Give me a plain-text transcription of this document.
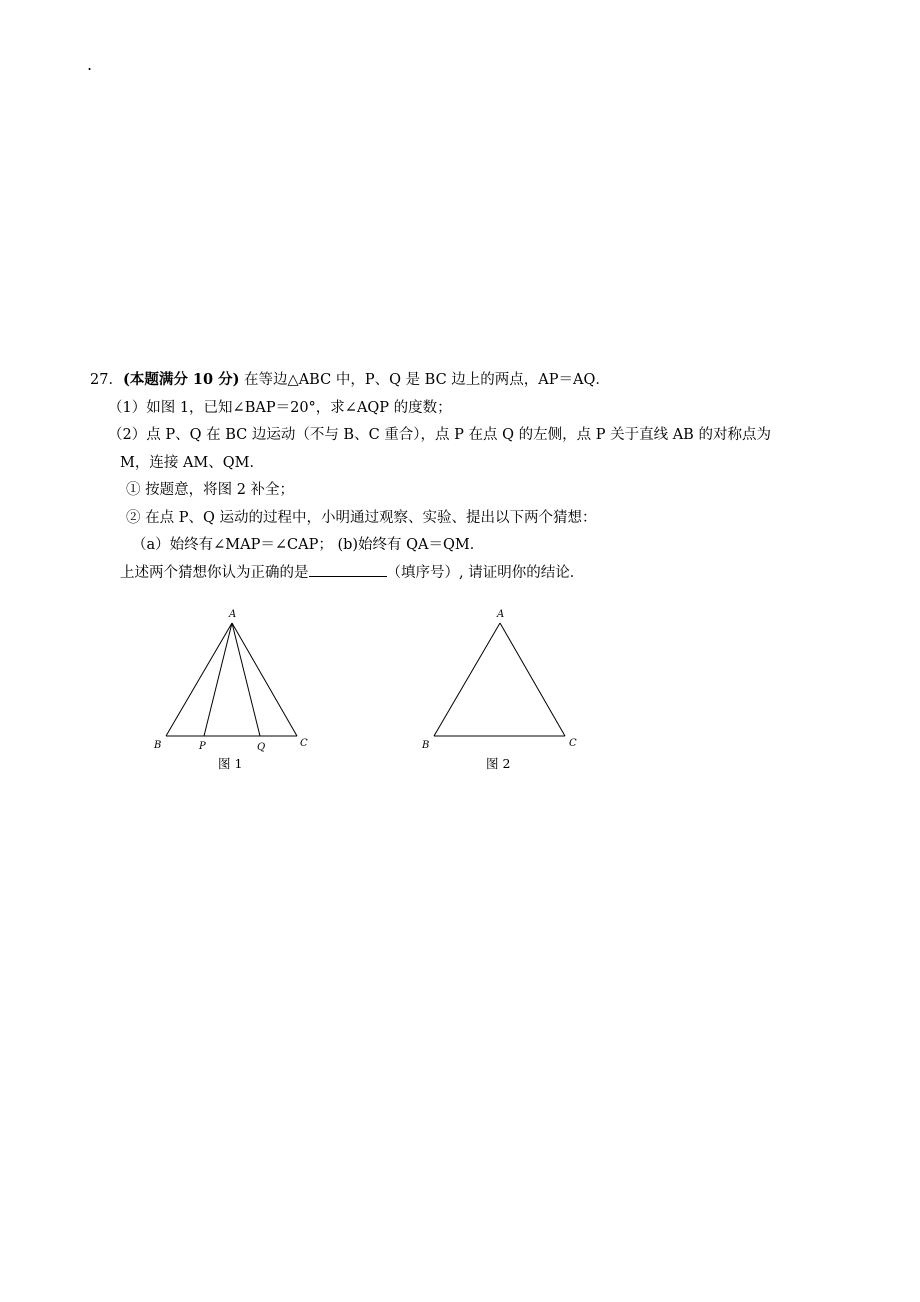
.
27．(本题满分 10 分) 在等边△ABC 中，P、Q 是 BC 边上的两点，AP＝AQ．
（1）如图 1，已知∠BAP＝20°，求∠AQP 的度数；
（2）点 P、Q 在 BC 边运动（不与 B、C 重合），点 P 在点 Q 的左侧，点 P 关于直线 AB 的对称点为
M，连接 AM、QM．
① 按题意，将图 2 补全；
② 在点 P、Q 运动的过程中，小明通过观察、实验、提出以下两个猜想：
（a）始终有∠MAP＝∠CAP； (b)始终有 QA＝QM．
上述两个猜想你认为正确的是	（填序号）, 请证明你的结论．
A
B	C
P	Q
图 1
A
B	C
图 2
